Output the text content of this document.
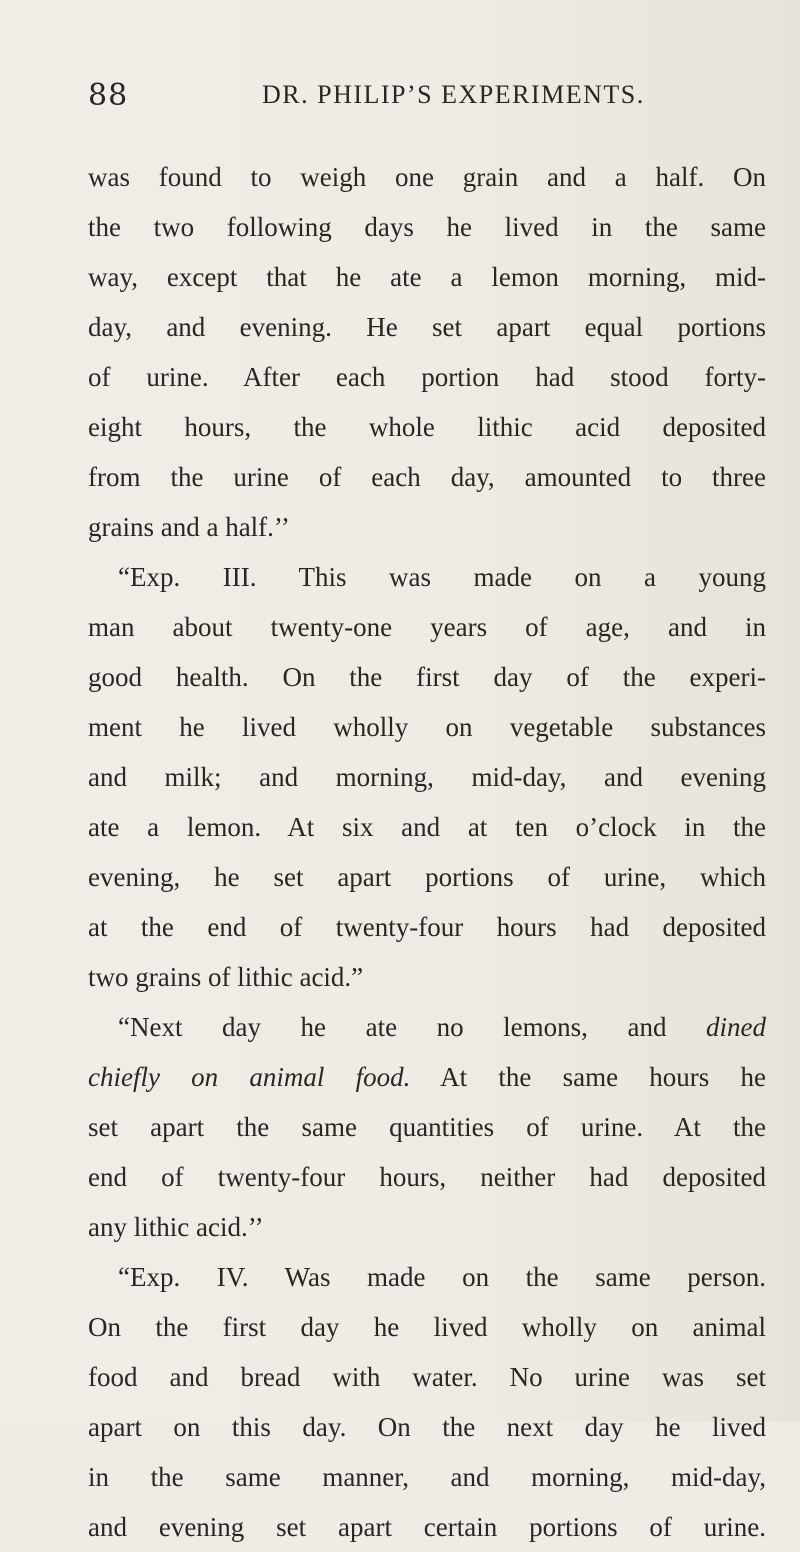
88	DR. PHILIP’S EXPERIMENTS.
was found to weigh one grain and a half. On
the two following days he lived in the same
way, except that he ate a lemon morning, mid-
day, and evening. He set apart equal portions
of urine. After each portion had stood forty-
eight hours, the whole lithic acid deposited
from the urine of each day, amounted to three
grains and a half.’’
“Exp. III. This was made on a young
man about twenty-one years of age, and in
good health. On the first day of the experi-
ment he lived wholly on vegetable substances
and milk; and morning, mid-day, and evening
ate a lemon. At six and at ten o’clock in the
evening, he set apart portions of urine, which
at the end of twenty-four hours had deposited
two grains of lithic acid.”
“Next day he ate no lemons, and dined
chiefly on animal food. At the same hours he
set apart the same quantities of urine. At the
end of twenty-four hours, neither had deposited
any lithic acid.’’
“Exp. IV. Was made on the same person.
On the first day he lived wholly on animal
food and bread with water. No urine was set
apart on this day. On the next day he lived
in the same manner, and morning, mid-day,
and evening set apart certain portions of urine.
